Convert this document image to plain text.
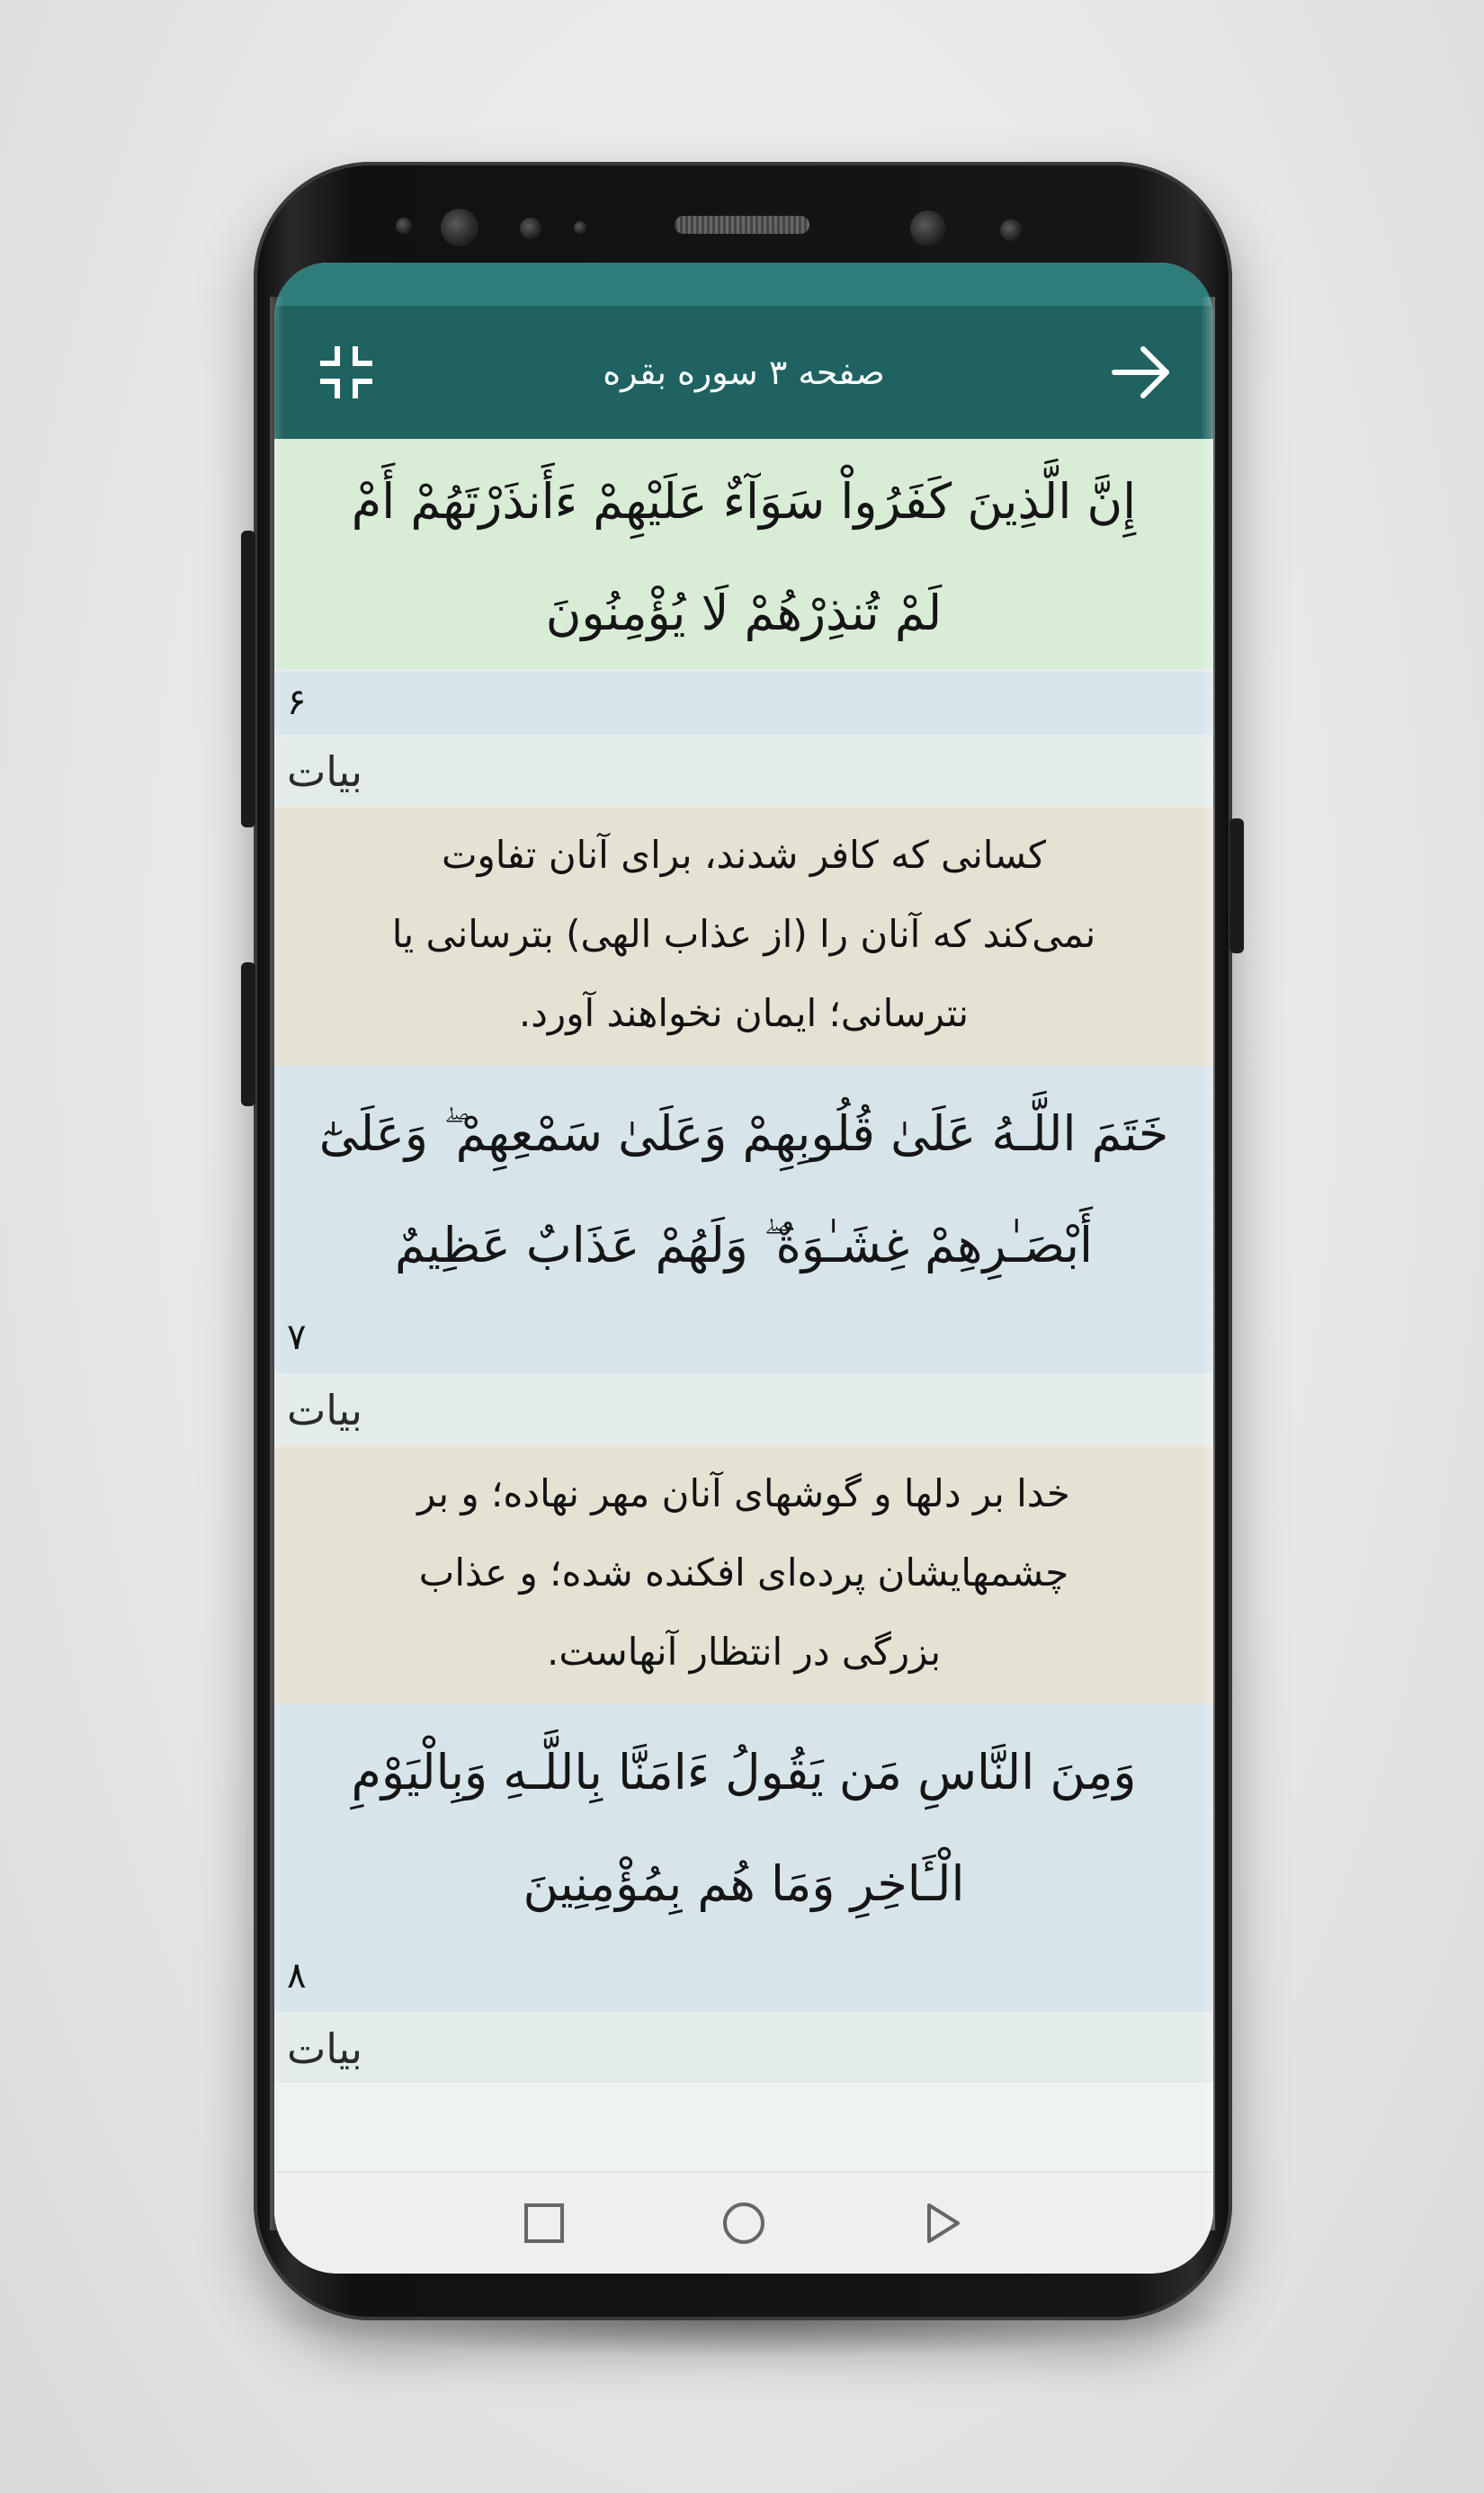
صفحه ۳ سوره بقره
إِنَّ الَّذِينَ كَفَرُواْ سَوَآءٌ عَلَيْهِمْ ءَأَنذَرْتَهُمْ أَمْ
لَمْ تُنذِرْهُمْ لَا يُؤْمِنُونَ
۶
بیات
کسانی که کافر شدند، برای آنان تفاوت
نمی‌کند که آنان را (از عذاب الهی) بترسانی یا
نترسانی؛ ایمان نخواهند آورد.
خَتَمَ اللَّـهُ عَلَىٰ قُلُوبِهِمْ وَعَلَىٰ سَمْعِهِمْ ۖ وَعَلَىٰٓ
أَبْصَـٰرِهِمْ غِشَـٰوَةٌ ۖ وَلَهُمْ عَذَابٌ عَظِيمٌ
۷
بیات
خدا بر دلها و گوشهای آنان مهر نهاده؛ و بر
چشمهایشان پرده‌ای افکنده شده؛ و عذاب
بزرگی در انتظار آنهاست.
وَمِنَ النَّاسِ مَن يَقُولُ ءَامَنَّا بِاللَّـهِ وَبِالْيَوْمِ
الْـَٔاخِرِ وَمَا هُم بِمُؤْمِنِينَ
۸
بیات
